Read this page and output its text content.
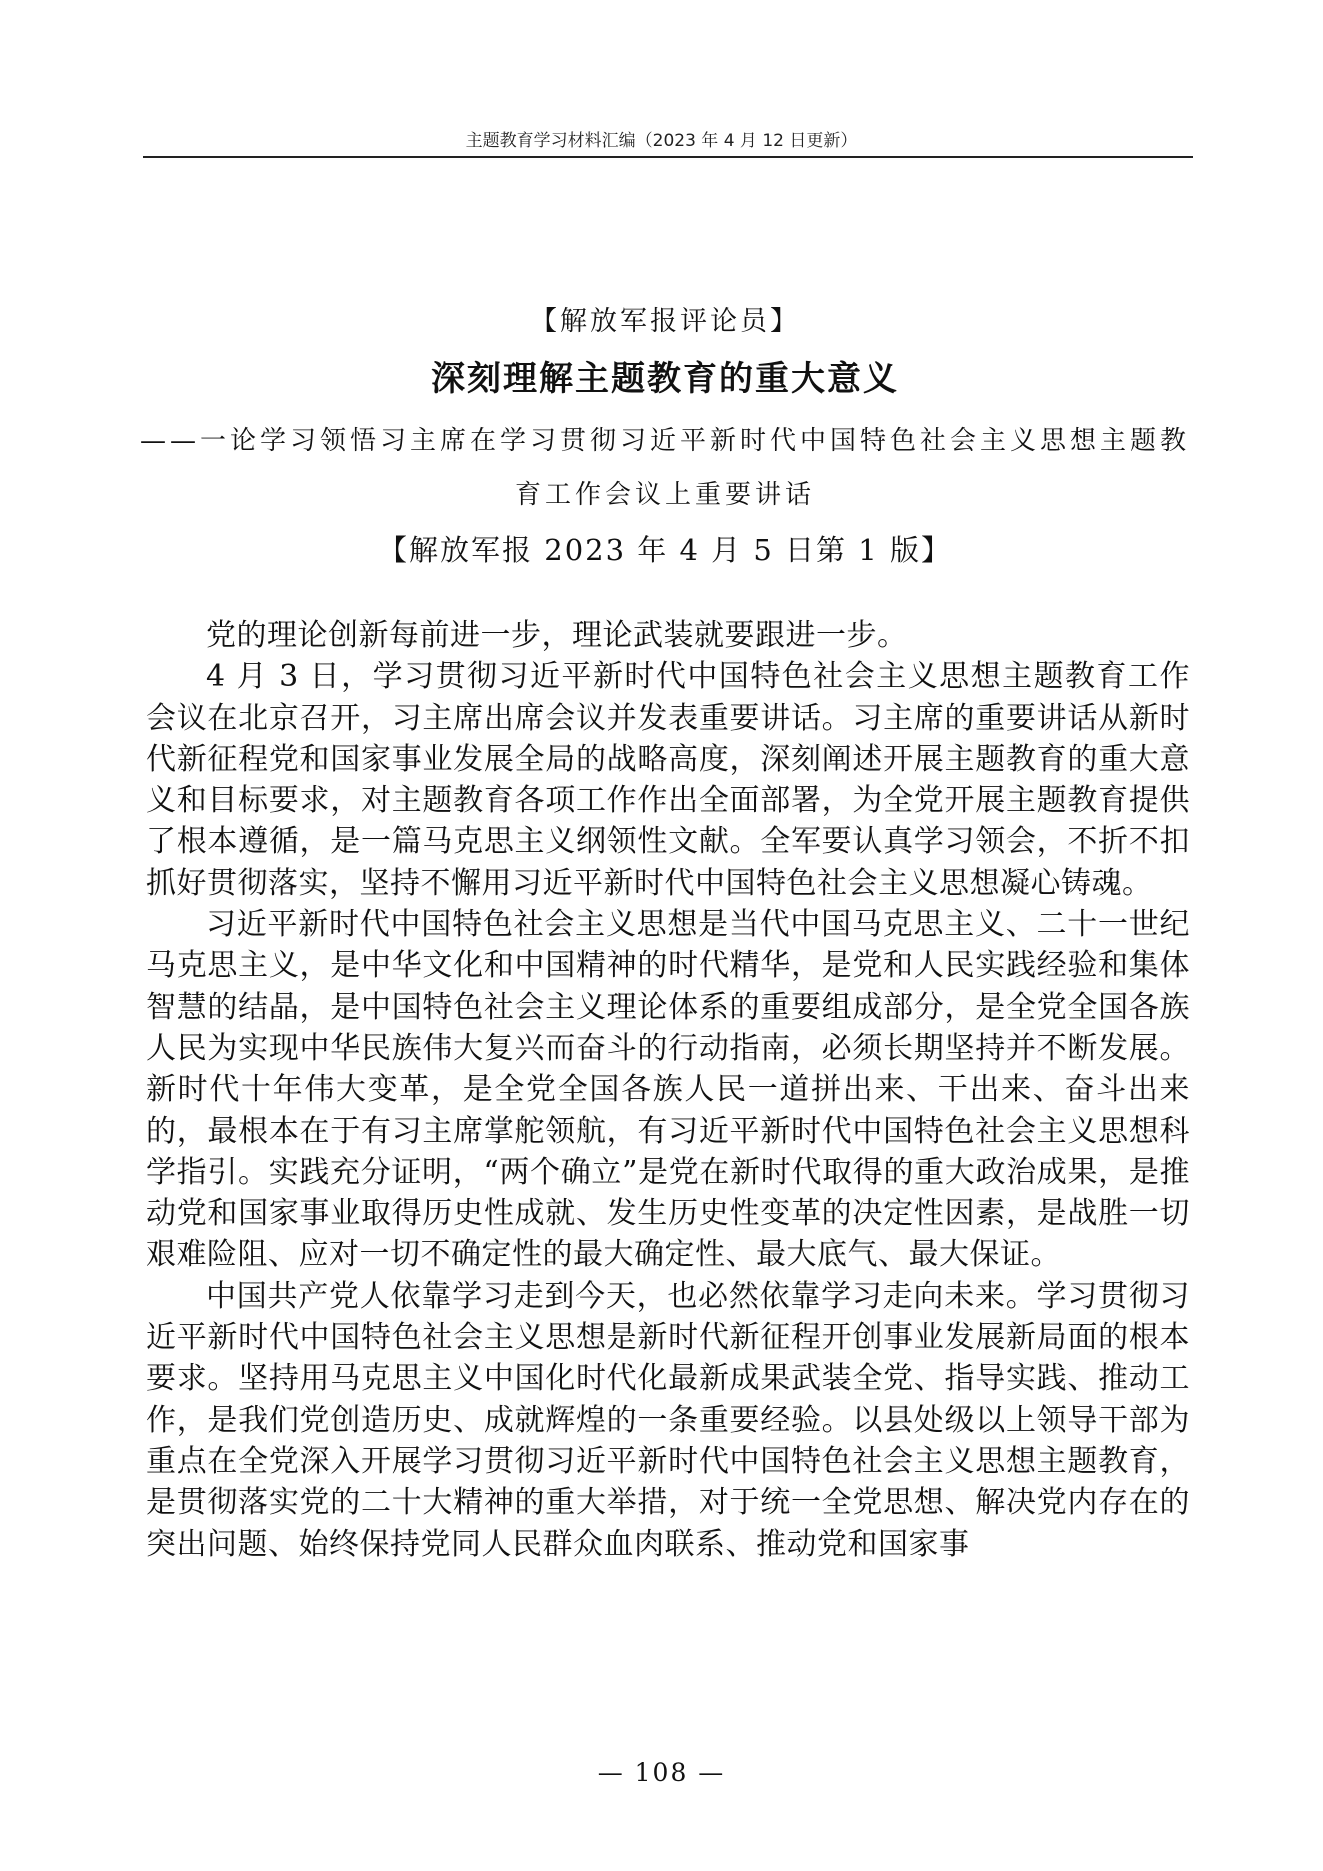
主题教育学习材料汇编（2023 年 4 月 12 日更新）
【解放军报评论员】
深刻理解主题教育的重大意义
——一论学习领悟习主席在学习贯彻习近平新时代中国特色社会主义思想主题教育工作会议上重要讲话
【解放军报 2023 年 4 月 5 日第 1 版】

党的理论创新每前进一步，理论武装就要跟进一步。

4 月 3 日，学习贯彻习近平新时代中国特色社会主义思想主题教育工作会议在北京召开，习主席出席会议并发表重要讲话。习主席的重要讲话从新时代新征程党和国家事业发展全局的战略高度，深刻阐述开展主题教育的重大意义和目标要求，对主题教育各项工作作出全面部署，为全党开展主题教育提供了根本遵循，是一篇马克思主义纲领性文献。全军要认真学习领会，不折不扣抓好贯彻落实，坚持不懈用习近平新时代中国特色社会主义思想凝心铸魂。

习近平新时代中国特色社会主义思想是当代中国马克思主义、二十一世纪马克思主义，是中华文化和中国精神的时代精华，是党和人民实践经验和集体智慧的结晶，是中国特色社会主义理论体系的重要组成部分，是全党全国各族人民为实现中华民族伟大复兴而奋斗的行动指南，必须长期坚持并不断发展。新时代十年伟大变革，是全党全国各族人民一道拼出来、干出来、奋斗出来的，最根本在于有习主席掌舵领航，有习近平新时代中国特色社会主义思想科学指引。实践充分证明，“两个确立”是党在新时代取得的重大政治成果，是推动党和国家事业取得历史性成就、发生历史性变革的决定性因素，是战胜一切艰难险阻、应对一切不确定性的最大确定性、最大底气、最大保证。

中国共产党人依靠学习走到今天，也必然依靠学习走向未来。学习贯彻习近平新时代中国特色社会主义思想是新时代新征程开创事业发展新局面的根本要求。坚持用马克思主义中国化时代化最新成果武装全党、指导实践、推动工作，是我们党创造历史、成就辉煌的一条重要经验。以县处级以上领导干部为重点在全党深入开展学习贯彻习近平新时代中国特色社会主义思想主题教育，是贯彻落实党的二十大精神的重大举措，对于统一全党思想、解决党内存在的突出问题、始终保持党同人民群众血肉联系、推动党和国家事

— 108 —
